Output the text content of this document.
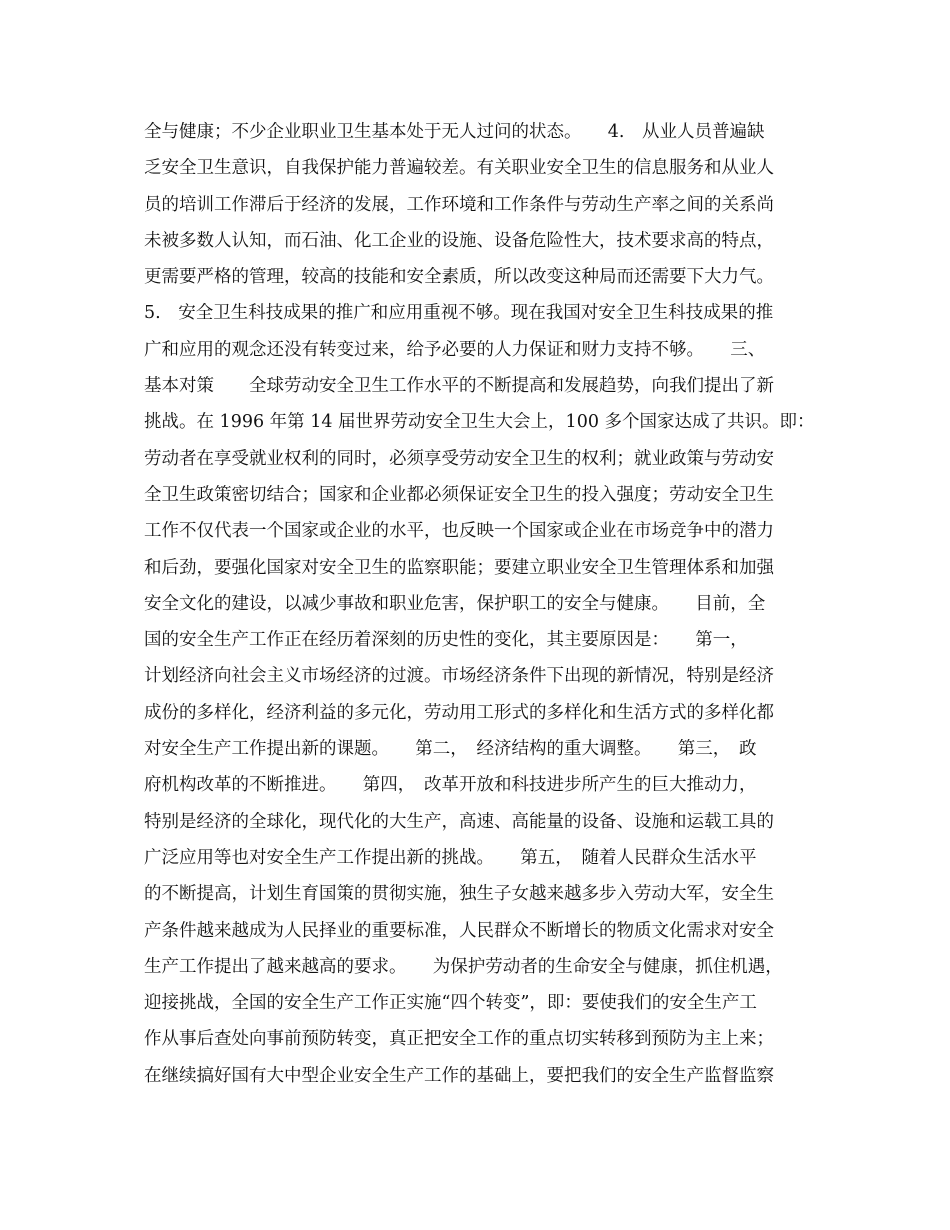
全与健康；不少企业职业卫生基本处于无人过问的状态。　　4.　从业人员普遍缺
乏安全卫生意识，自我保护能力普遍较差。有关职业安全卫生的信息服务和从业人
员的培训工作滞后于经济的发展，工作环境和工作条件与劳动生产率之间的关系尚
未被多数人认知，而石油、化工企业的设施、设备危险性大，技术要求高的特点，
更需要严格的管理，较高的技能和安全素质，所以改变这种局而还需要下大力气。
5.　安全卫生科技成果的推广和应用重视不够。现在我国对安全卫生科技成果的推
广和应用的观念还没有转变过来，给予必要的人力保证和财力支持不够。　　三、
基本对策　　全球劳动安全卫生工作水平的不断提高和发展趋势，向我们提出了新
挑战。在 1996 年第 14 届世界劳动安全卫生大会上，100 多个国家达成了共识。即：
劳动者在享受就业权利的同时，必须享受劳动安全卫生的权利；就业政策与劳动安
全卫生政策密切结合；国家和企业都必须保证安全卫生的投入强度；劳动安全卫生
工作不仅代表一个国家或企业的水平，也反映一个国家或企业在市场竞争中的潜力
和后劲，要强化国家对安全卫生的监察职能；要建立职业安全卫生管理体系和加强
安全文化的建设，以减少事故和职业危害，保护职工的安全与健康。　　目前，全
国的安全生产工作正在经历着深刻的历史性的变化，其主要原因是：　　第一，
计划经济向社会主义市场经济的过渡。市场经济条件下出现的新情况，特别是经济
成份的多样化，经济利益的多元化，劳动用工形式的多样化和生活方式的多样化都
对安全生产工作提出新的课题。　　第二，　经济结构的重大调整。　　第三，　政
府机构改革的不断推进。　　第四，　改革开放和科技进步所产生的巨大推动力，
特别是经济的全球化，现代化的大生产，高速、高能量的设备、设施和运载工具的
广泛应用等也对安全生产工作提出新的挑战。　　第五，　随着人民群众生活水平
的不断提高，计划生育国策的贯彻实施，独生子女越来越多步入劳动大军，安全生
产条件越来越成为人民择业的重要标准，人民群众不断增长的物质文化需求对安全
生产工作提出了越来越高的要求。　　为保护劳动者的生命安全与健康，抓住机遇，
迎接挑战，全国的安全生产工作正实施“四个转变”，即：要使我们的安全生产工
作从事后查处向事前预防转变，真正把安全工作的重点切实转移到预防为主上来；
在继续搞好国有大中型企业安全生产工作的基础上，要把我们的安全生产监督监察
